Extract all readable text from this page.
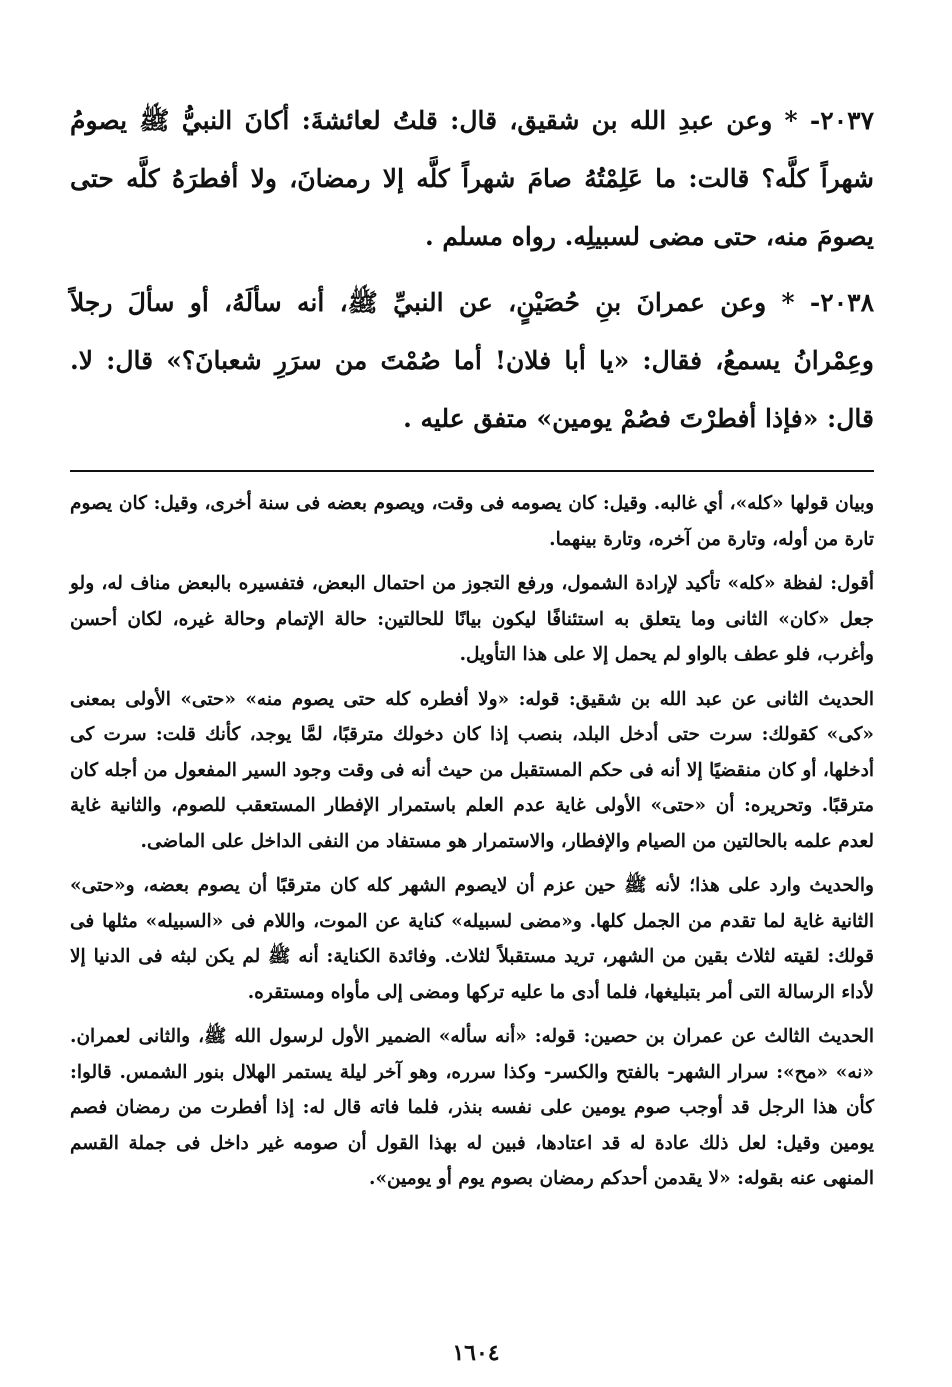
٢٠٣٧- * وعن عبدِ الله بن شقيق، قال: قلتُ لعائشةَ: أكانَ النبيُّ ﷺ يصومُ شهراً كلَّه؟ قالت: ما عَلِمْتُهُ صامَ شهراً كلَّه إلا رمضانَ، ولا أفطرَهُ كلَّه حتى يصومَ منه، حتى مضى لسبيلِه. رواه مسلم .

٢٠٣٨- * وعن عمرانَ بنِ حُصَيْنٍ، عن النبيِّ ﷺ، أنه سألَهُ، أو سألَ رجلاً وعِمْرانُ يسمعُ، فقال: «يا أبا فلان! أما صُمْتَ من سرَرِ شعبانَ؟» قال: لا. قال: «فإذا أفطرْتَ فصُمْ يومين» متفق عليه .

وبيان قولها «كله»، أي غالبه. وقيل: كان يصومه فى وقت، ويصوم بعضه فى سنة أخرى، وقيل: كان يصوم تارة من أوله، وتارة من آخره، وتارة بينهما.

أقول: لفظة «كله» تأكيد لإرادة الشمول، ورفع التجوز من احتمال البعض، فتفسيره بالبعض مناف له، ولو جعل «كان» الثانى وما يتعلق به استئنافًا ليكون بيانًا للحالتين: حالة الإتمام وحالة غيره، لكان أحسن وأغرب، فلو عطف بالواو لم يحمل إلا على هذا التأويل.

الحديث الثانى عن عبد الله بن شقيق: قوله: «ولا أفطره كله حتى يصوم منه» «حتى» الأولى بمعنى «كى» كقولك: سرت حتى أدخل البلد، بنصب إذا كان دخولك مترقبًا، لمَّا يوجد، كأنك قلت: سرت كى أدخلها، أو كان منقضيًا إلا أنه فى حكم المستقبل من حيث أنه فى وقت وجود السير المفعول من أجله كان مترقبًا. وتحريره: أن «حتى» الأولى غاية عدم العلم باستمرار الإفطار المستعقب للصوم، والثانية غاية لعدم علمه بالحالتين من الصيام والإفطار، والاستمرار هو مستفاد من النفى الداخل على الماضى.

والحديث وارد على هذا؛ لأنه ﷺ حين عزم أن لايصوم الشهر كله كان مترقبًا أن يصوم بعضه، و«حتى» الثانية غاية لما تقدم من الجمل كلها. و«مضى لسبيله» كناية عن الموت، واللام فى «السبيله» مثلها فى قولك: لقيته لثلاث بقين من الشهر، تريد مستقبلاً لثلاث. وفائدة الكناية: أنه ﷺ لم يكن لبثه فى الدنيا إلا لأداء الرسالة التى أمر بتبليغها، فلما أدى ما عليه تركها ومضى إلى مأواه ومستقره.

الحديث الثالث عن عمران بن حصين: قوله: «أنه سأله» الضمير الأول لرسول الله ﷺ، والثانى لعمران. «نه» «مح»: سرار الشهر- بالفتح والكسر- وكذا سرره، وهو آخر ليلة يستمر الهلال بنور الشمس. قالوا: كأن هذا الرجل قد أوجب صوم يومين على نفسه بنذر، فلما فاته قال له: إذا أفطرت من رمضان فصم يومين وقيل: لعل ذلك عادة له قد اعتادها، فبين له بهذا القول أن صومه غير داخل فى جملة القسم المنهى عنه بقوله: «لا يقدمن أحدكم رمضان بصوم يوم أو يومين».

١٦٠٤
